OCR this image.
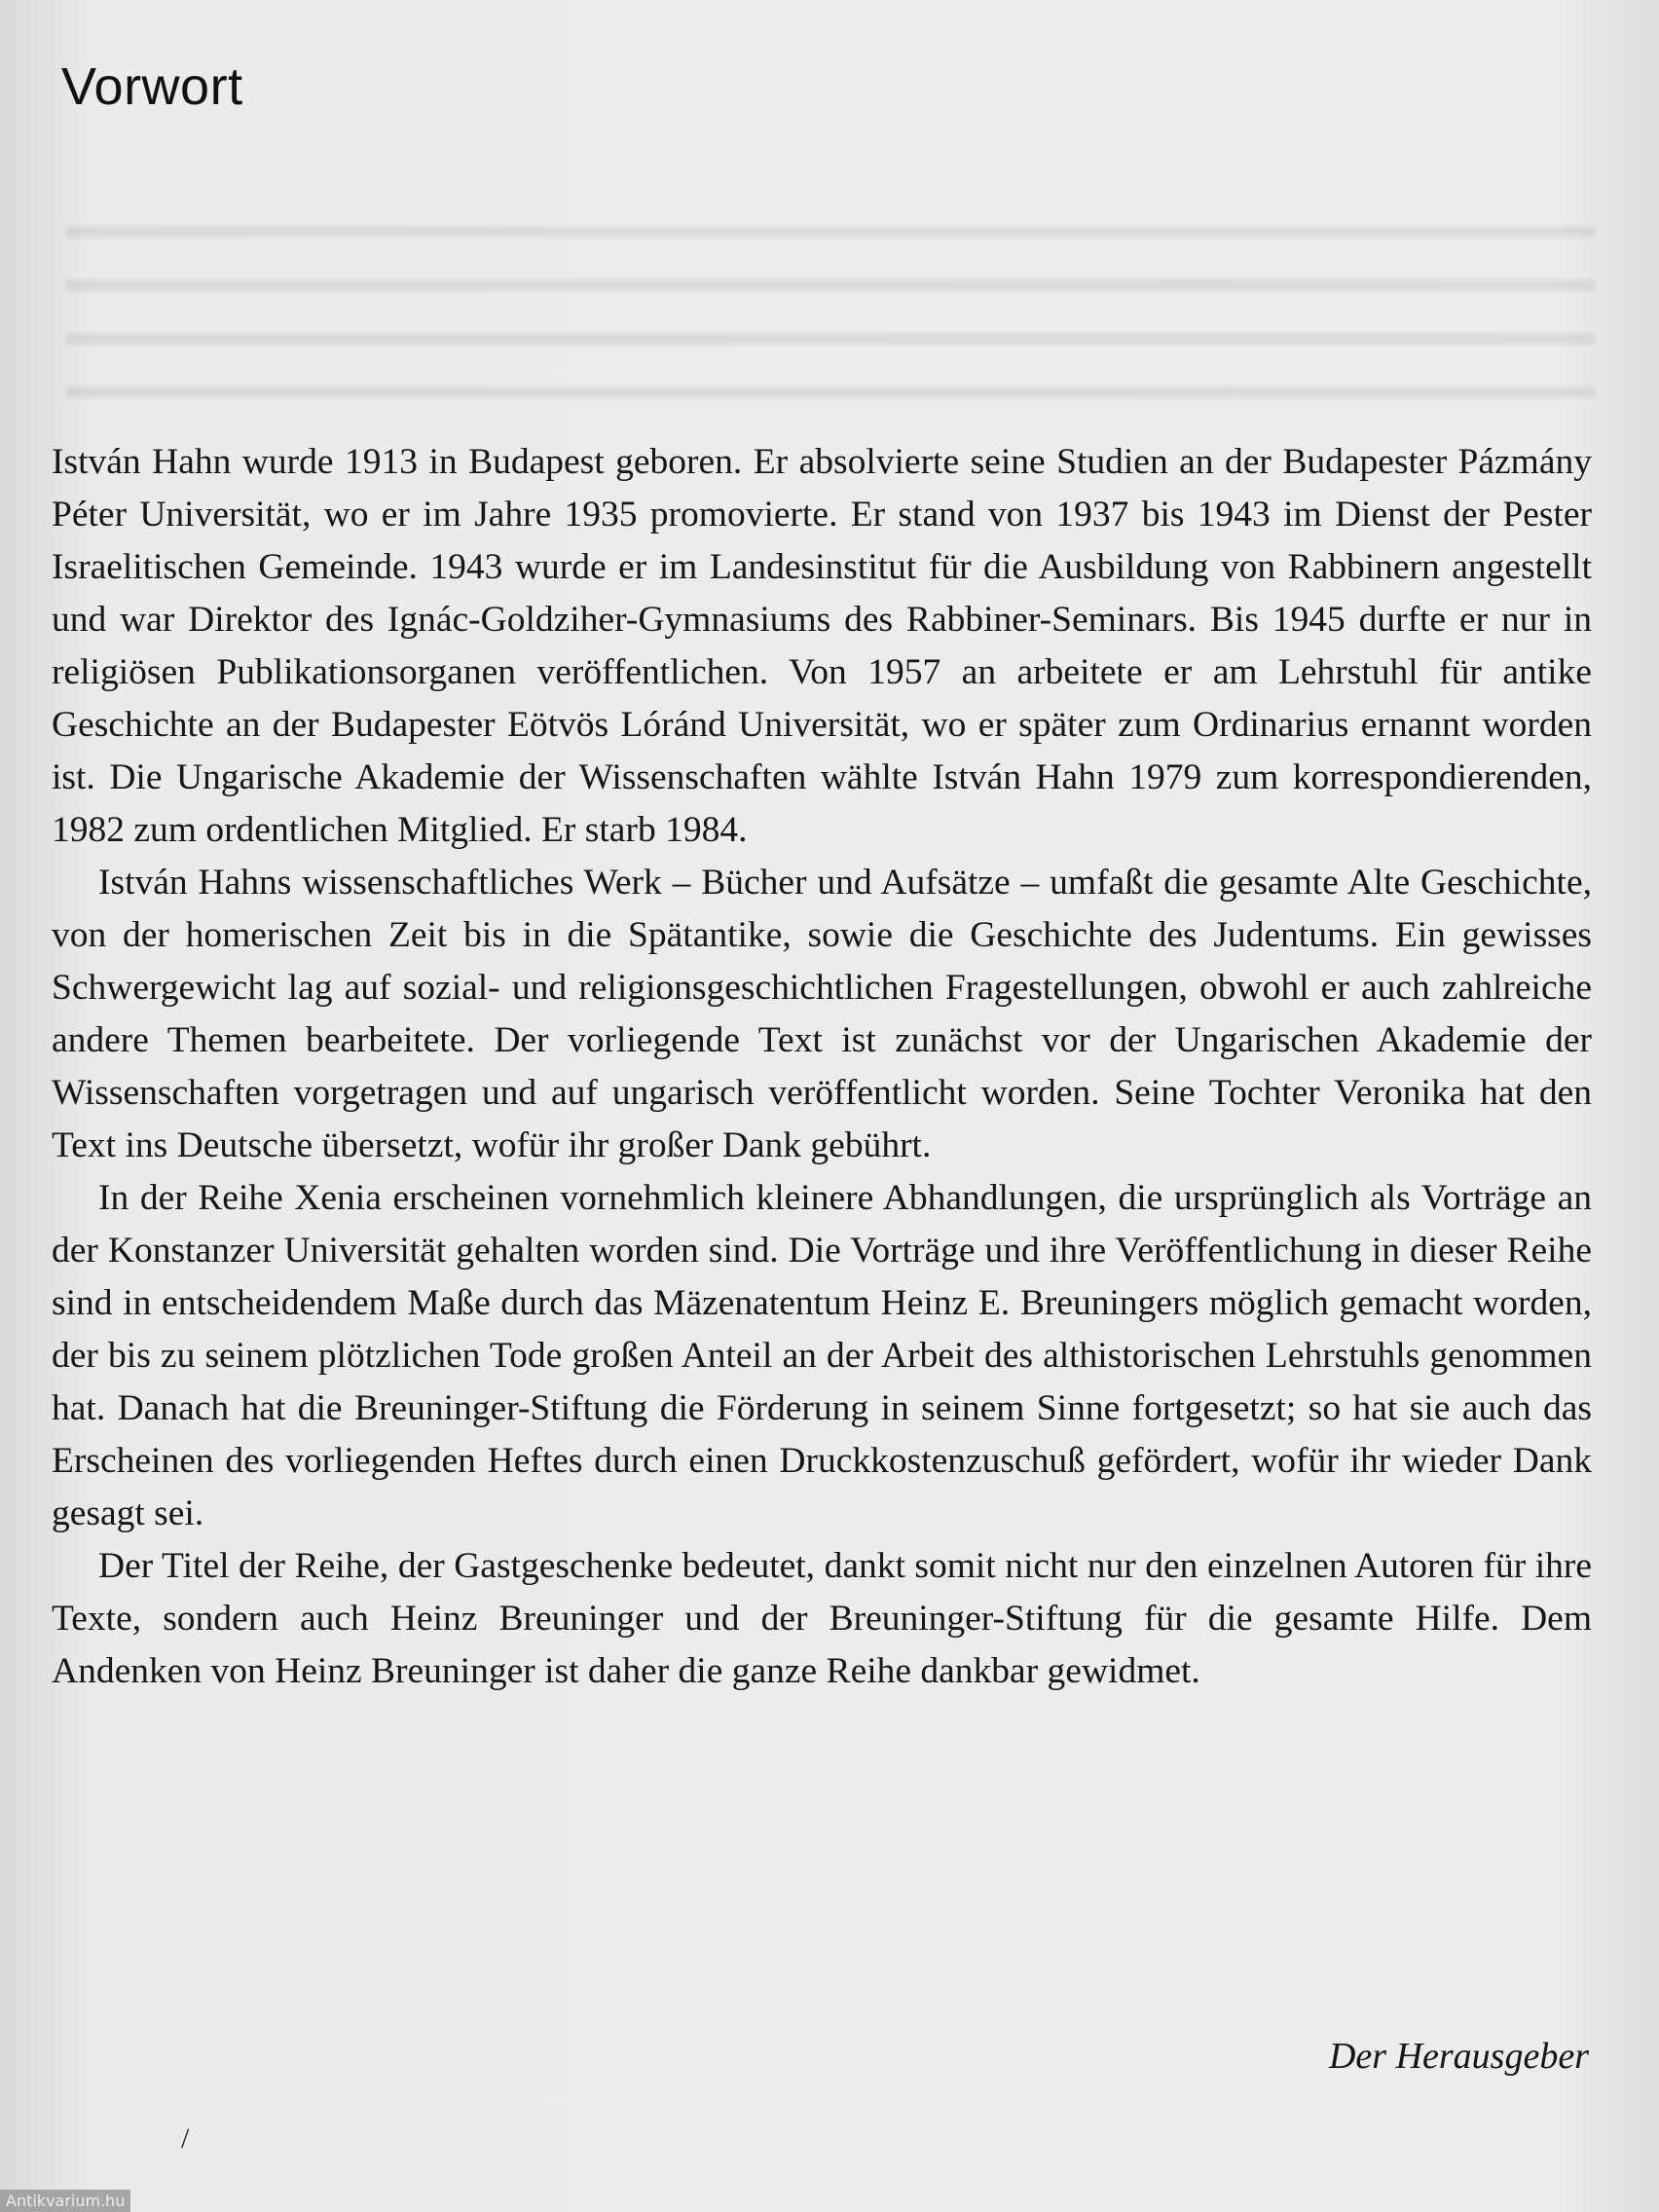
Vorwort

István Hahn wurde 1913 in Budapest geboren. Er absolvierte seine Studien an der Budapester Pázmány Péter Universität, wo er im Jahre 1935 promovierte. Er stand von 1937 bis 1943 im Dienst der Pester Israelitischen Gemeinde. 1943 wurde er im Landesinstitut für die Ausbildung von Rabbinern angestellt und war Direktor des Ignác-Goldziher-Gymnasiums des Rabbiner-Seminars. Bis 1945 durfte er nur in religiösen Publikationsorganen veröffentlichen. Von 1957 an arbeitete er am Lehrstuhl für antike Geschichte an der Budapester Eötvös Lóránd Universität, wo er später zum Ordinarius ernannt worden ist. Die Ungarische Akademie der Wissenschaften wählte István Hahn 1979 zum korrespondierenden, 1982 zum ordentlichen Mitglied. Er starb 1984.

István Hahns wissenschaftliches Werk – Bücher und Aufsätze – umfaßt die gesamte Alte Geschichte, von der homerischen Zeit bis in die Spätantike, sowie die Geschichte des Judentums. Ein gewisses Schwergewicht lag auf sozial- und religionsgeschichtlichen Fragestellungen, obwohl er auch zahlreiche andere Themen bearbeitete. Der vorliegende Text ist zunächst vor der Ungarischen Akademie der Wissenschaften vorgetragen und auf ungarisch veröffentlicht worden. Seine Tochter Veronika hat den Text ins Deutsche übersetzt, wofür ihr großer Dank gebührt.

In der Reihe Xenia erscheinen vornehmlich kleinere Abhandlungen, die ursprünglich als Vorträge an der Konstanzer Universität gehalten worden sind. Die Vorträge und ihre Veröffentlichung in dieser Reihe sind in entscheidendem Maße durch das Mäzenatentum Heinz E. Breuningers möglich gemacht worden, der bis zu seinem plötzlichen Tode großen Anteil an der Arbeit des althistorischen Lehrstuhls genommen hat. Danach hat die Breuninger-Stiftung die Förderung in seinem Sinne fortgesetzt; so hat sie auch das Erscheinen des vorliegenden Heftes durch einen Druckkostenzuschuß gefördert, wofür ihr wieder Dank gesagt sei.

Der Titel der Reihe, der Gastgeschenke bedeutet, dankt somit nicht nur den einzelnen Autoren für ihre Texte, sondern auch Heinz Breuninger und der Breuninger-Stiftung für die gesamte Hilfe. Dem Andenken von Heinz Breuninger ist daher die ganze Reihe dankbar gewidmet.

Der Herausgeber

/
Antikvarium.hu
